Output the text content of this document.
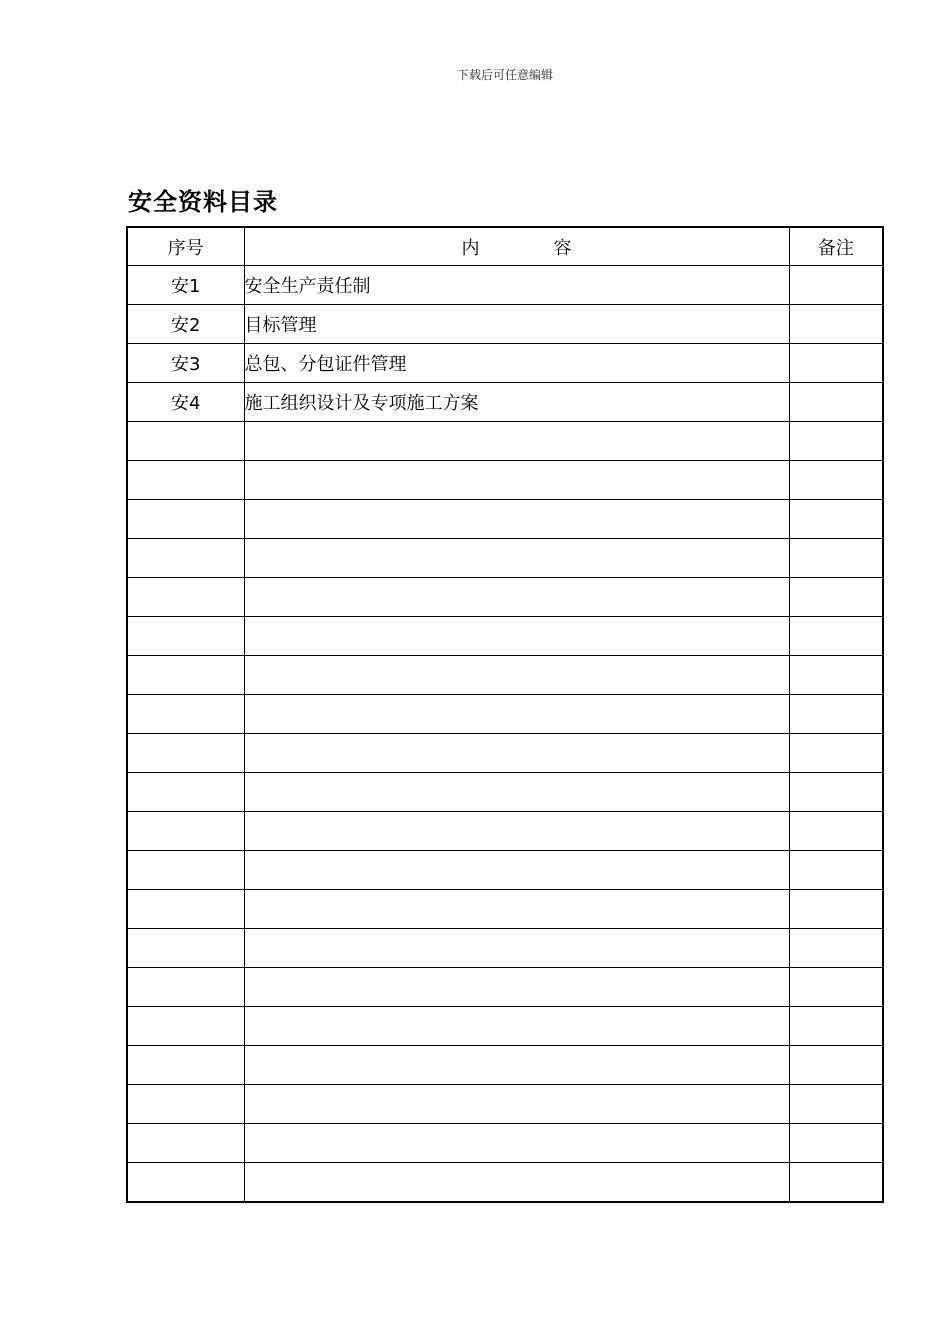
下载后可任意编辑
安全资料目录
序号	内 容	备注
安1	安全生产责任制	
安2	目标管理	
安3	总包、分包证件管理	
安4	施工组织设计及专项施工方案	
